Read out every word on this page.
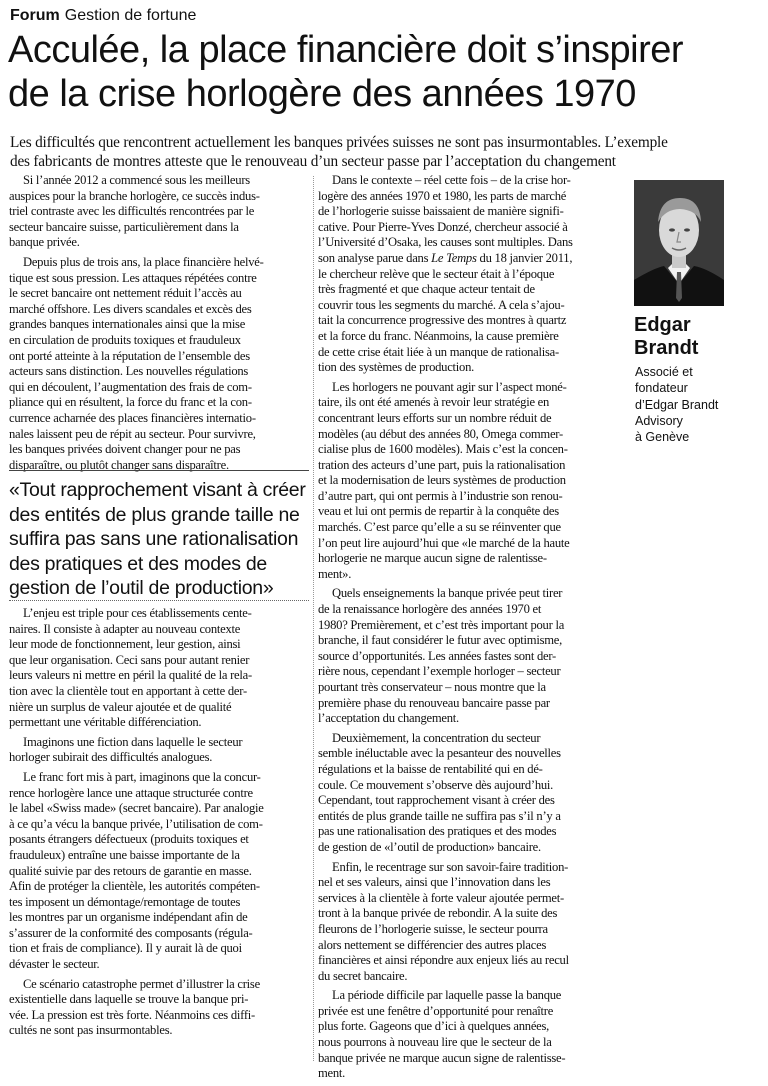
Forum Gestion de fortune
Acculée, la place financière doit s’inspirer
de la crise horlogère des années 1970
Les difficultés que rencontrent actuellement les banques privées suisses ne sont pas insurmontables. L’exemple
des fabricants de montres atteste que le renouveau d’un secteur passe par l’acceptation du changement

Si l’année 2012 a commencé sous les meilleurs
auspices pour la branche horlogère, ce succès indus-
triel contraste avec les difficultés rencontrées par le
secteur bancaire suisse, particulièrement dans la
banque privée.

Depuis plus de trois ans, la place financière helvé-
tique est sous pression. Les attaques répétées contre
le secret bancaire ont nettement réduit l’accès au
marché offshore. Les divers scandales et excès des
grandes banques internationales ainsi que la mise
en circulation de produits toxiques et frauduleux
ont porté atteinte à la réputation de l’ensemble des
acteurs sans distinction. Les nouvelles régulations
qui en découlent, l’augmentation des frais de com-
pliance qui en résultent, la force du franc et la con-
currence acharnée des places financières internatio-
nales laissent peu de répit au secteur. Pour survivre,
les banques privées doivent changer pour ne pas
disparaître, ou plutôt changer sans disparaître.

«Tout rapprochement visant à créer
des entités de plus grande taille ne
suffira pas sans une rationalisation
des pratiques et des modes de
gestion de l’outil de production»

L’enjeu est triple pour ces établissements cente-
naires. Il consiste à adapter au nouveau contexte
leur mode de fonctionnement, leur gestion, ainsi
que leur organisation. Ceci sans pour autant renier
leurs valeurs ni mettre en péril la qualité de la rela-
tion avec la clientèle tout en apportant à cette der-
nière un surplus de valeur ajoutée et de qualité
permettant une véritable différenciation.

Imaginons une fiction dans laquelle le secteur
horloger subirait des difficultés analogues.

Le franc fort mis à part, imaginons que la concur-
rence horlogère lance une attaque structurée contre
le label «Swiss made» (secret bancaire). Par analogie
à ce qu’a vécu la banque privée, l’utilisation de com-
posants étrangers défectueux (produits toxiques et
frauduleux) entraîne une baisse importante de la
qualité suivie par des retours de garantie en masse.
Afin de protéger la clientèle, les autorités compéten-
tes imposent un démontage/remontage de toutes
les montres par un organisme indépendant afin de
s’assurer de la conformité des composants (régula-
tion et frais de compliance). Il y aurait là de quoi
dévaster le secteur.

Ce scénario catastrophe permet d’illustrer la crise
existentielle dans laquelle se trouve la banque pri-
vée. La pression est très forte. Néanmoins ces diffi-
cultés ne sont pas insurmontables.

Dans le contexte – réel cette fois – de la crise hor-
logère des années 1970 et 1980, les parts de marché
de l’horlogerie suisse baissaient de manière signifi-
cative. Pour Pierre-Yves Donzé, chercheur associé à
l’Université d’Osaka, les causes sont multiples. Dans
son analyse parue dans Le Temps du 18 janvier 2011,
le chercheur relève que le secteur était à l’époque
très fragmenté et que chaque acteur tentait de
couvrir tous les segments du marché. A cela s’ajou-
tait la concurrence progressive des montres à quartz
et la force du franc. Néanmoins, la cause première
de cette crise était liée à un manque de rationalisa-
tion des systèmes de production.

Les horlogers ne pouvant agir sur l’aspect moné-
taire, ils ont été amenés à revoir leur stratégie en
concentrant leurs efforts sur un nombre réduit de
modèles (au début des années 80, Omega commer-
cialise plus de 1600 modèles). Mais c’est la concen-
tration des acteurs d’une part, puis la rationalisation
et la modernisation de leurs systèmes de production
d’autre part, qui ont permis à l’industrie son renou-
veau et lui ont permis de repartir à la conquête des
marchés. C’est parce qu’elle a su se réinventer que
l’on peut lire aujourd’hui que «le marché de la haute
horlogerie ne marque aucun signe de ralentisse-
ment».

Quels enseignements la banque privée peut tirer
de la renaissance horlogère des années 1970 et
1980? Premièrement, et c’est très important pour la
branche, il faut considérer le futur avec optimisme,
source d’opportunités. Les années fastes sont der-
rière nous, cependant l’exemple horloger – secteur
pourtant très conservateur – nous montre que la
première phase du renouveau bancaire passe par
l’acceptation du changement.

Deuxièmement, la concentration du secteur
semble inéluctable avec la pesanteur des nouvelles
régulations et la baisse de rentabilité qui en dé-
coule. Ce mouvement s’observe dès aujourd’hui.
Cependant, tout rapprochement visant à créer des
entités de plus grande taille ne suffira pas s’il n’y a
pas une rationalisation des pratiques et des modes
de gestion de «l’outil de production» bancaire.

Enfin, le recentrage sur son savoir-faire tradition-
nel et ses valeurs, ainsi que l’innovation dans les
services à la clientèle à forte valeur ajoutée permet-
tront à la banque privée de rebondir. A la suite des
fleurons de l’horlogerie suisse, le secteur pourra
alors nettement se différencier des autres places
financières et ainsi répondre aux enjeux liés au recul
du secret bancaire.

La période difficile par laquelle passe la banque
privée est une fenêtre d’opportunité pour renaître
plus forte. Gageons que d’ici à quelques années,
nous pourrons à nouveau lire que le secteur de la
banque privée ne marque aucun signe de ralentisse-
ment.

Edgar
Brandt
Associé et
fondateur
d’Edgar Brandt
Advisory
à Genève
